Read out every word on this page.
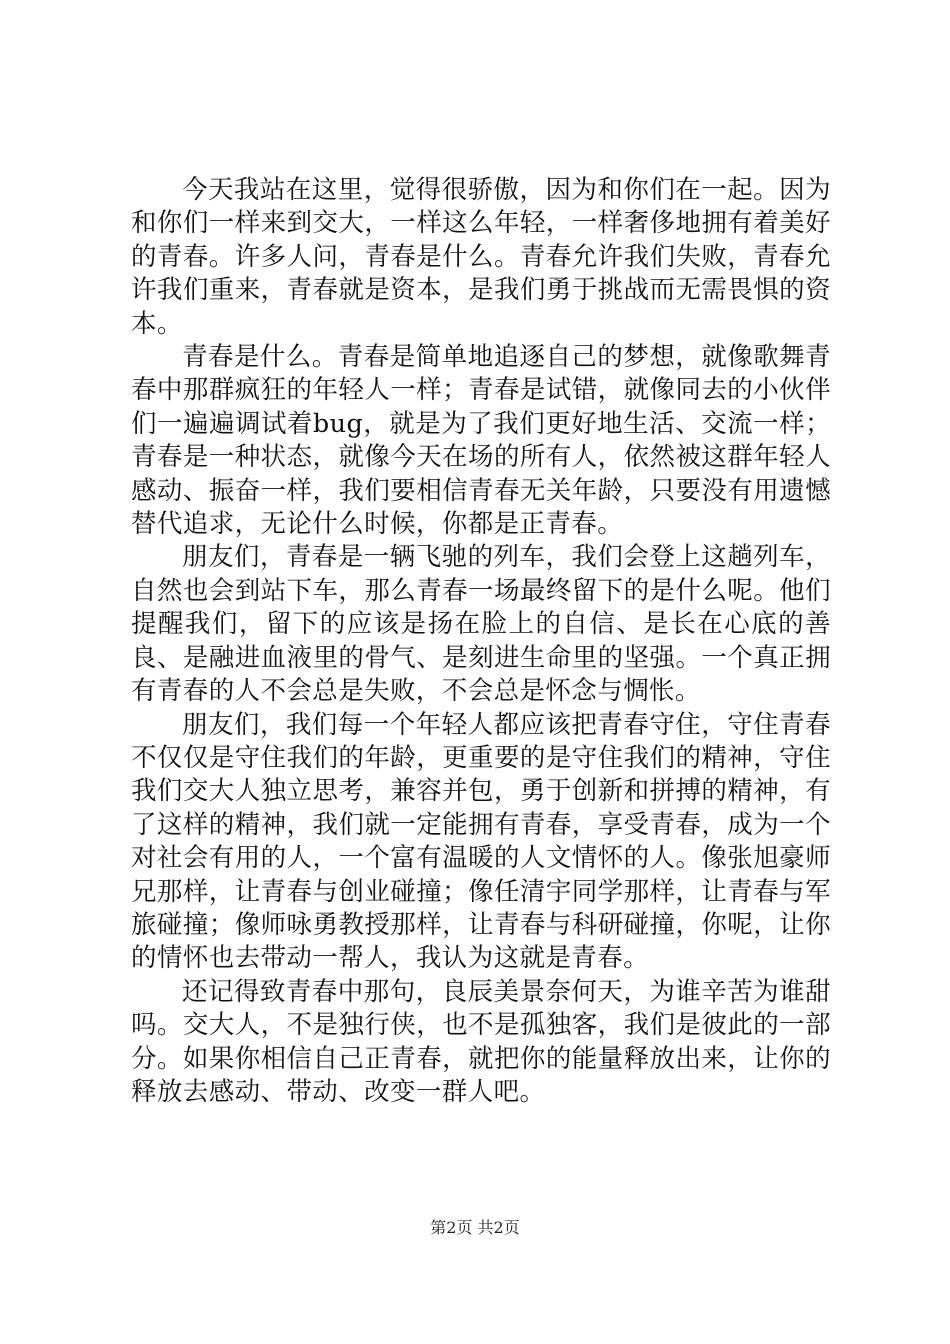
今天我站在这里，觉得很骄傲，因为和你们在一起。因为和你们一样来到交大，一样这么年轻，一样奢侈地拥有着美好的青春。许多人问，青春是什么。青春允许我们失败，青春允许我们重来，青春就是资本，是我们勇于挑战而无需畏惧的资本。

青春是什么。青春是简单地追逐自己的梦想，就像歌舞青春中那群疯狂的年轻人一样；青春是试错，就像同去的小伙伴们一遍遍调试着bug，就是为了我们更好地生活、交流一样；青春是一种状态，就像今天在场的所有人，依然被这群年轻人感动、振奋一样，我们要相信青春无关年龄，只要没有用遗憾替代追求，无论什么时候，你都是正青春。

朋友们，青春是一辆飞驰的列车，我们会登上这趟列车，自然也会到站下车，那么青春一场最终留下的是什么呢。他们提醒我们，留下的应该是扬在脸上的自信、是长在心底的善良、是融进血液里的骨气、是刻进生命里的坚强。一个真正拥有青春的人不会总是失败，不会总是怀念与惆怅。

朋友们，我们每一个年轻人都应该把青春守住，守住青春不仅仅是守住我们的年龄，更重要的是守住我们的精神，守住我们交大人独立思考，兼容并包，勇于创新和拼搏的精神，有了这样的精神，我们就一定能拥有青春，享受青春，成为一个对社会有用的人，一个富有温暖的人文情怀的人。像张旭豪师兄那样，让青春与创业碰撞；像任清宇同学那样，让青春与军旅碰撞；像师咏勇教授那样，让青春与科研碰撞，你呢，让你的情怀也去带动一帮人，我认为这就是青春。

还记得致青春中那句，良辰美景奈何天，为谁辛苦为谁甜吗。交大人，不是独行侠，也不是孤独客，我们是彼此的一部分。如果你相信自己正青春，就把你的能量释放出来，让你的释放去感动、带动、改变一群人吧。

第2页 共2页
